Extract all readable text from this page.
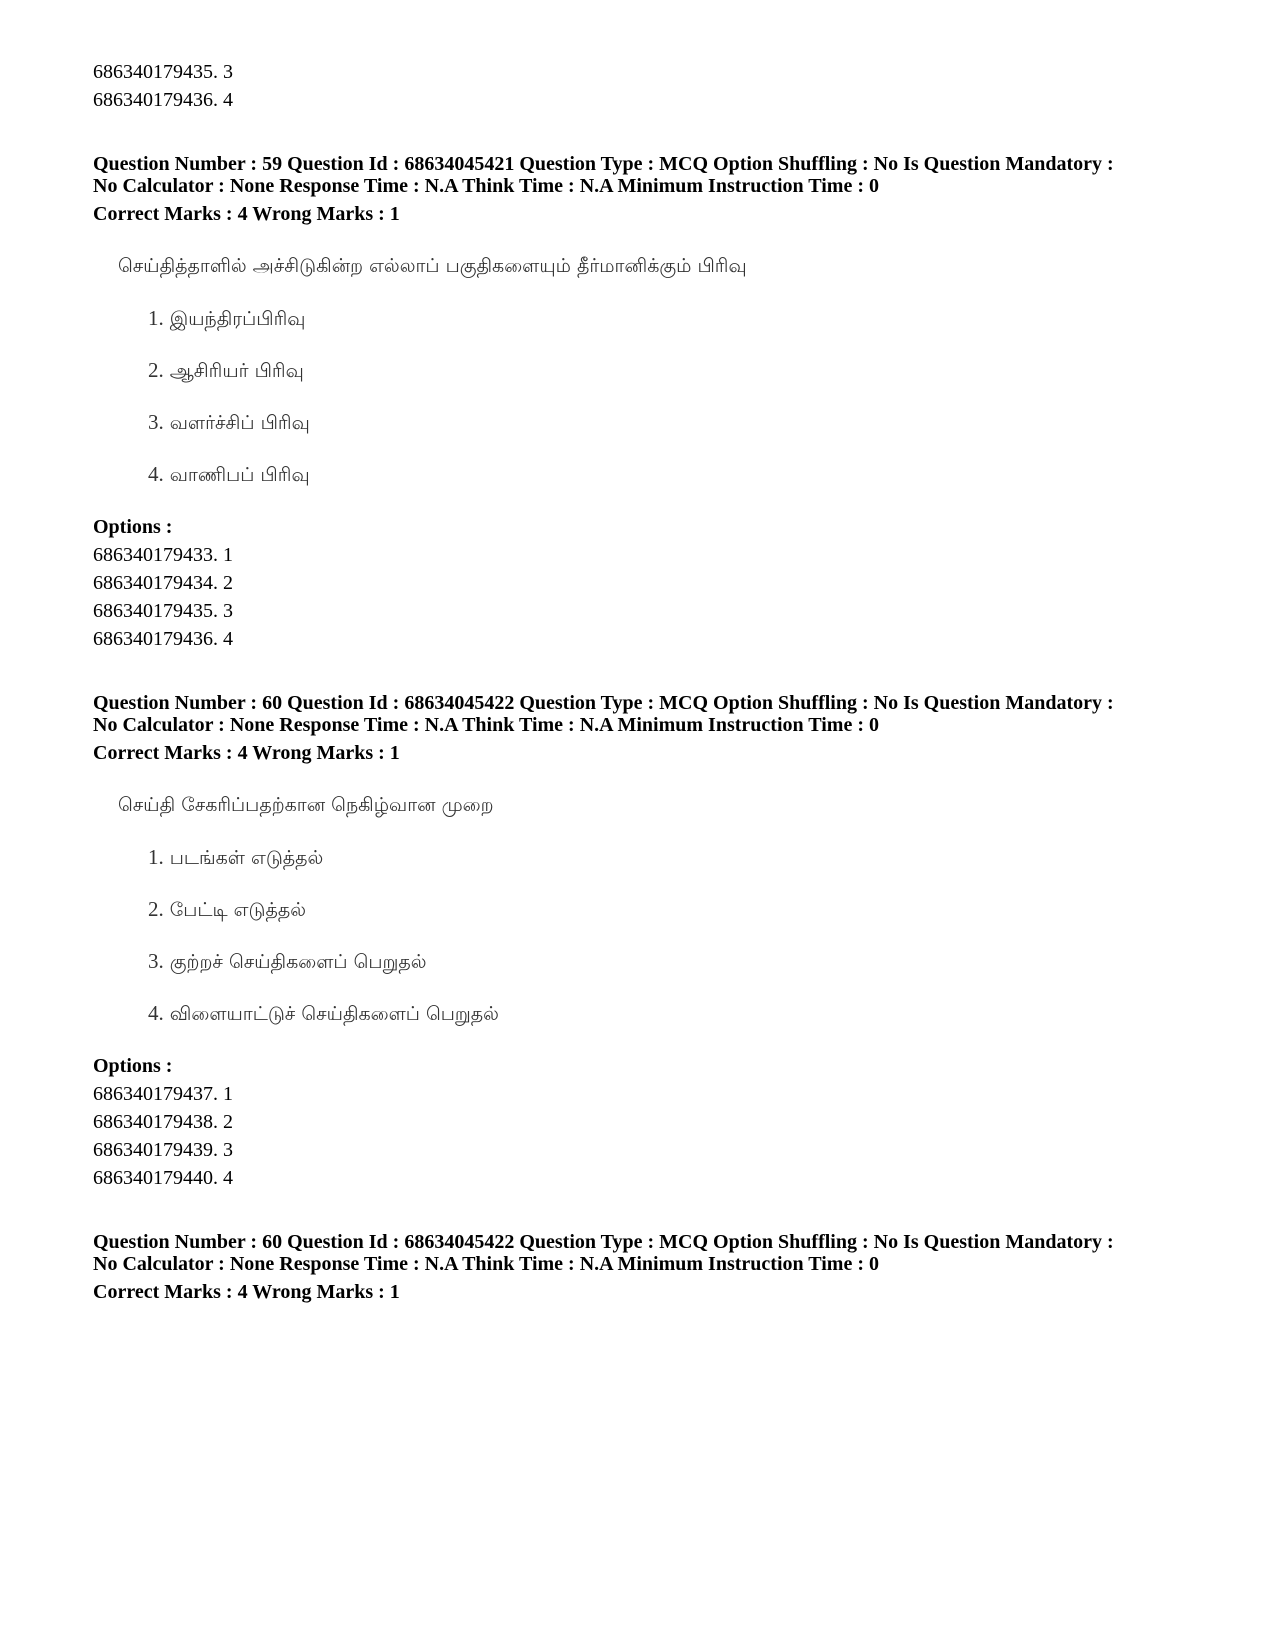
686340179435. 3
686340179436. 4
Question Number : 59 Question Id : 68634045421 Question Type : MCQ Option Shuffling : No Is Question Mandatory :
No Calculator : None Response Time : N.A Think Time : N.A Minimum Instruction Time : 0
Correct Marks : 4 Wrong Marks : 1
செய்தித்தாளில் அச்சிடுகின்ற எல்லாப் பகுதிகளையும் தீர்மானிக்கும் பிரிவு
1. இயந்திரப்பிரிவு
2. ஆசிரியர் பிரிவு
3. வளர்ச்சிப் பிரிவு
4. வாணிபப் பிரிவு
Options :
686340179433. 1
686340179434. 2
686340179435. 3
686340179436. 4
Question Number : 60 Question Id : 68634045422 Question Type : MCQ Option Shuffling : No Is Question Mandatory :
No Calculator : None Response Time : N.A Think Time : N.A Minimum Instruction Time : 0
Correct Marks : 4 Wrong Marks : 1
செய்தி சேகரிப்பதற்கான நெகிழ்வான முறை
1. படங்கள் எடுத்தல்
2. பேட்டி எடுத்தல்
3. குற்றச் செய்திகளைப் பெறுதல்
4. விளையாட்டுச் செய்திகளைப் பெறுதல்
Options :
686340179437. 1
686340179438. 2
686340179439. 3
686340179440. 4
Question Number : 60 Question Id : 68634045422 Question Type : MCQ Option Shuffling : No Is Question Mandatory :
No Calculator : None Response Time : N.A Think Time : N.A Minimum Instruction Time : 0
Correct Marks : 4 Wrong Marks : 1
